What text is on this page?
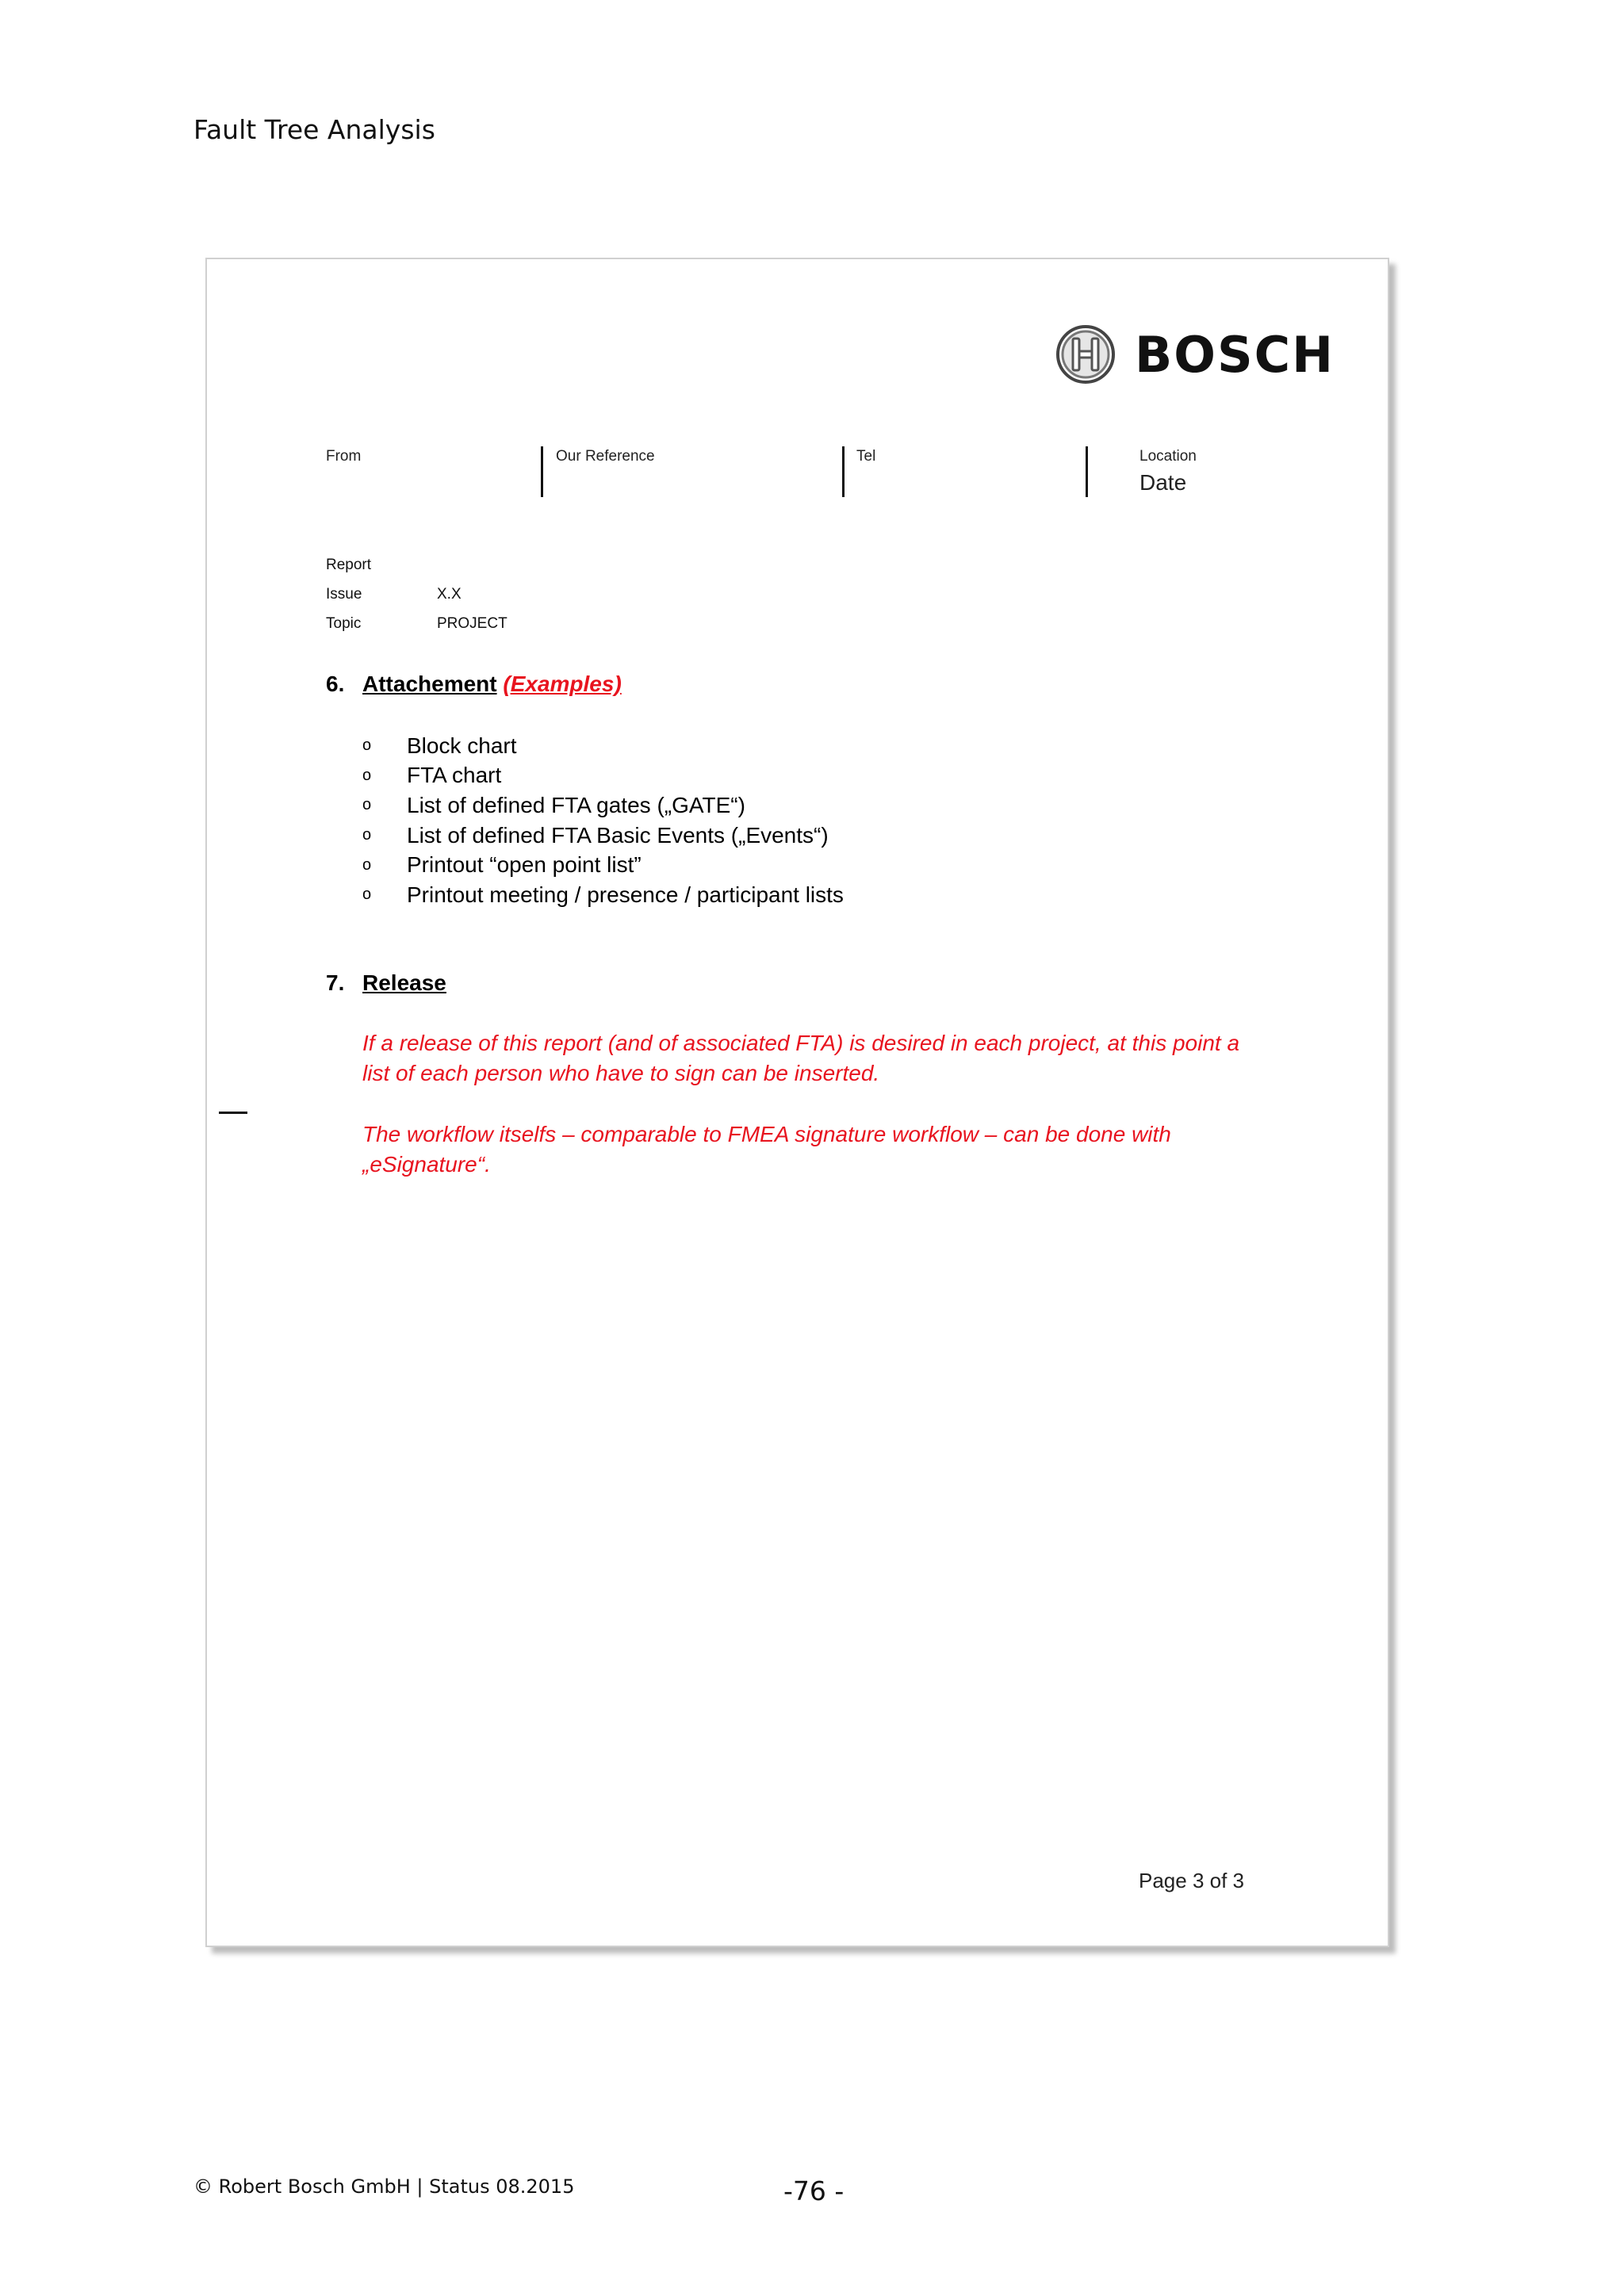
Fault Tree Analysis
BOSCH
From	Our Reference	Tel	Location
Date
Report
Issue	X.X
Topic	PROJECT
6. Attachement (Examples)
o	Block chart
o	FTA chart
o	List of defined FTA gates („GATE“)
o	List of defined FTA Basic Events („Events“)
o	Printout “open point list”
o	Printout meeting / presence / participant lists
7. Release
If a release of this report (and of associated FTA) is desired in each project, at this point a list of each person who have to sign can be inserted.
The workflow itselfs – comparable to FMEA signature workflow – can be done with „eSignature“.
Page 3 of 3
© Robert Bosch GmbH | Status 08.2015	-76 -
